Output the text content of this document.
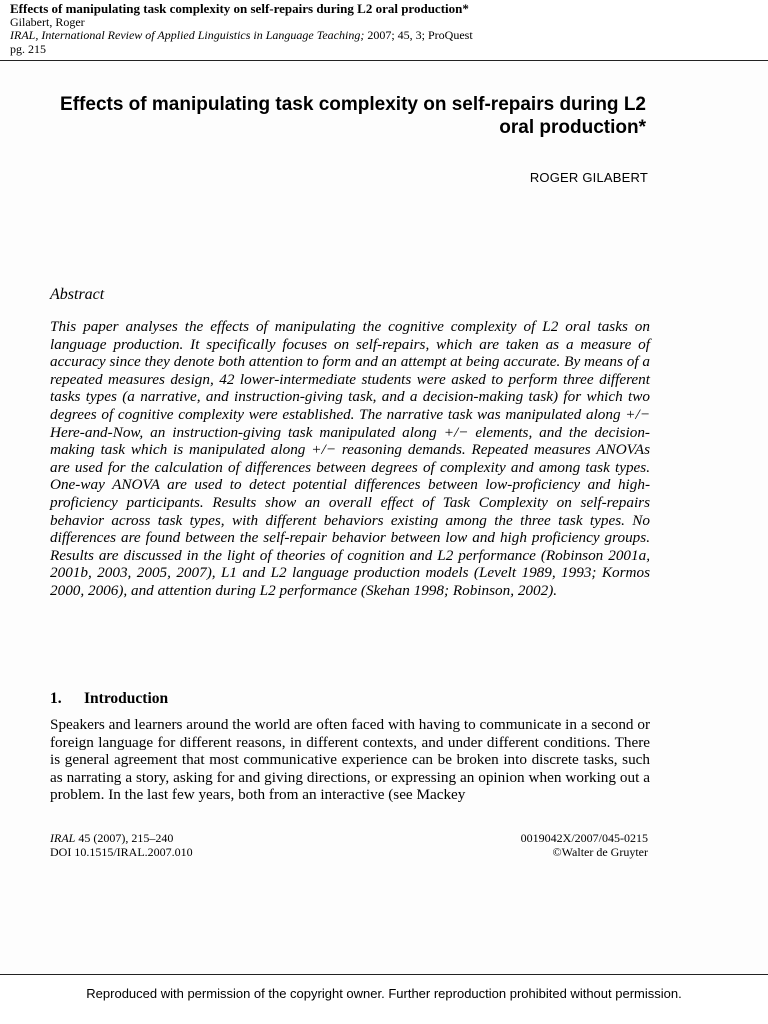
Effects of manipulating task complexity on self-repairs during L2 oral production*
Gilabert, Roger
IRAL, International Review of Applied Linguistics in Language Teaching; 2007; 45, 3; ProQuest
pg. 215
Effects of manipulating task complexity on self-repairs during L2 oral production*
ROGER GILABERT
Abstract

This paper analyses the effects of manipulating the cognitive complexity of L2 oral tasks on language production. It specifically focuses on self-repairs, which are taken as a measure of accuracy since they denote both attention to form and an attempt at being accurate. By means of a repeated measures design, 42 lower-intermediate students were asked to perform three different tasks types (a narrative, and instruction-giving task, and a decision-making task) for which two degrees of cognitive complexity were established. The narrative task was manipulated along +/− Here-and-Now, an instruction-giving task manipulated along +/− elements, and the decision-making task which is manipulated along +/− reasoning demands. Repeated measures ANOVAs are used for the calculation of differences between degrees of complexity and among task types. One-way ANOVA are used to detect potential differences between low-proficiency and high-proficiency participants. Results show an overall effect of Task Complexity on self-repairs behavior across task types, with different behaviors existing among the three task types. No differences are found between the self-repair behavior between low and high proficiency groups. Results are discussed in the light of theories of cognition and L2 performance (Robinson 2001a, 2001b, 2003, 2005, 2007), L1 and L2 language production models (Levelt 1989, 1993; Kormos 2000, 2006), and attention during L2 performance (Skehan 1998; Robinson, 2002).

1. Introduction

Speakers and learners around the world are often faced with having to communicate in a second or foreign language for different reasons, in different contexts, and under different conditions. There is general agreement that most communicative experience can be broken into discrete tasks, such as narrating a story, asking for and giving directions, or expressing an opinion when working out a problem. In the last few years, both from an interactive (see Mackey

IRAL 45 (2007), 215–240
DOI 10.1515/IRAL.2007.010
0019042X/2007/045-0215
©Walter de Gruyter
Reproduced with permission of the copyright owner. Further reproduction prohibited without permission.
